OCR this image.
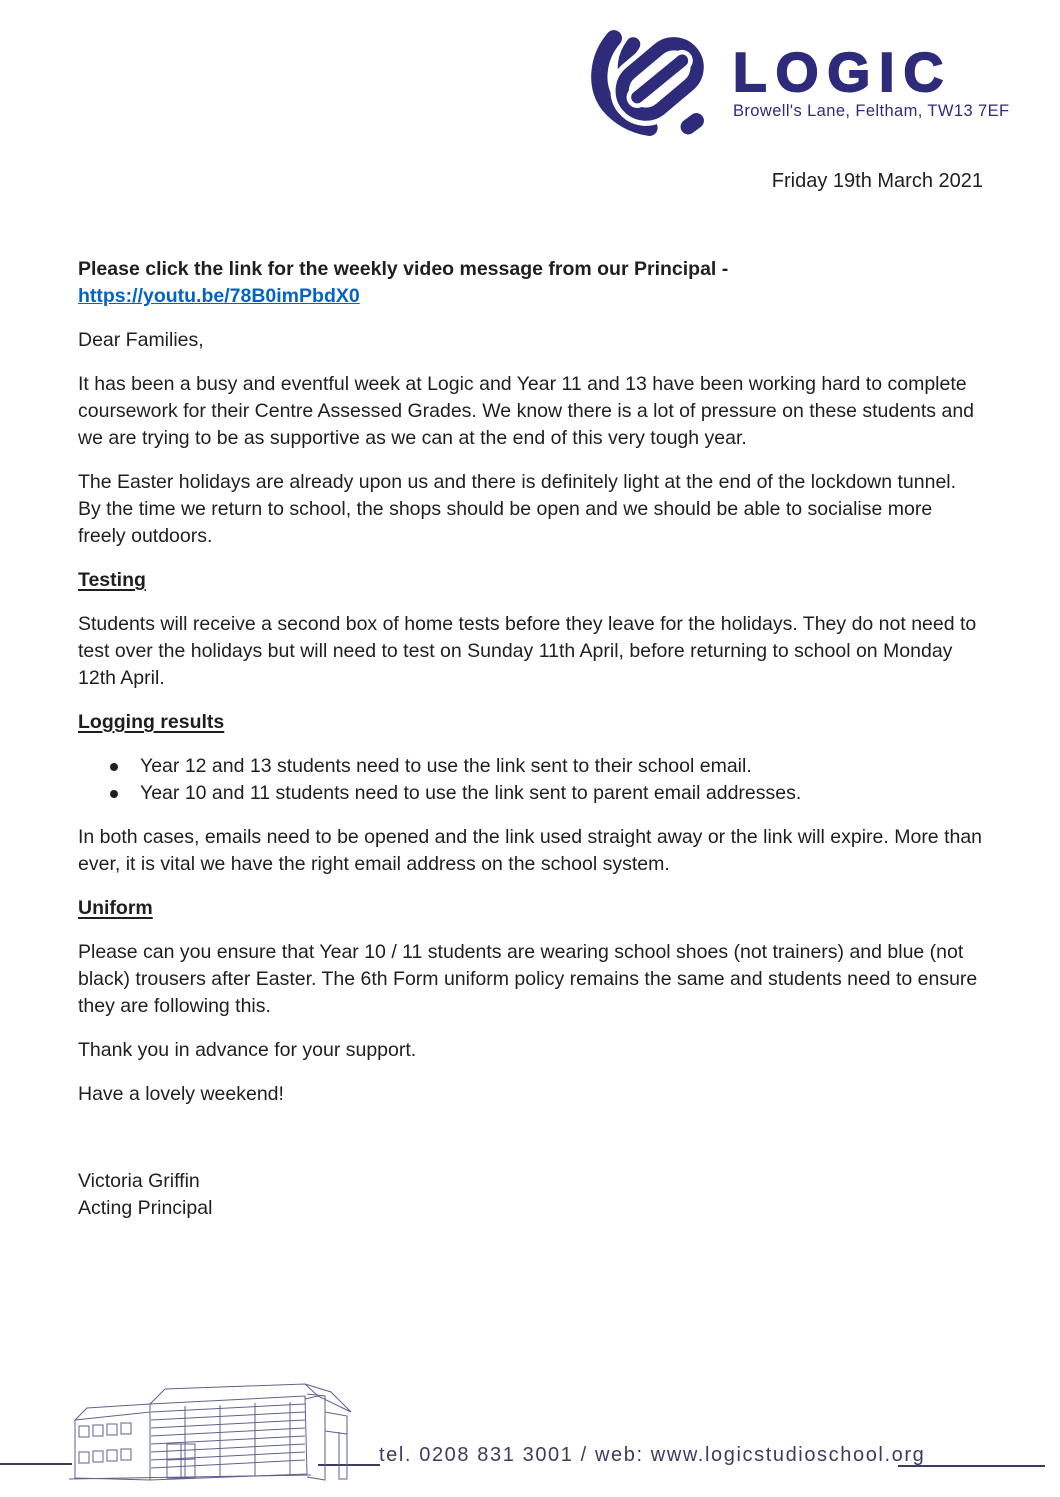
LOGIC
Browell's Lane, Feltham, TW13 7EF
Friday 19th March 2021

Please click the link for the weekly video message from our Principal - https://youtu.be/78B0imPbdX0

Dear Families,

It has been a busy and eventful week at Logic and Year 11 and 13 have been working hard to complete coursework for their Centre Assessed Grades. We know there is a lot of pressure on these students and we are trying to be as supportive as we can at the end of this very tough year.

The Easter holidays are already upon us and there is definitely light at the end of the lockdown tunnel. By the time we return to school, the shops should be open and we should be able to socialise more freely outdoors.

Testing

Students will receive a second box of home tests before they leave for the holidays. They do not need to test over the holidays but will need to test on Sunday 11th April, before returning to school on Monday 12th April.

Logging results

Year 12 and 13 students need to use the link sent to their school email.
Year 10 and 11 students need to use the link sent to parent email addresses.

In both cases, emails need to be opened and the link used straight away or the link will expire. More than ever, it is vital we have the right email address on the school system.

Uniform

Please can you ensure that Year 10 / 11 students are wearing school shoes (not trainers) and blue (not black) trousers after Easter. The 6th Form uniform policy remains the same and students need to ensure they are following this.

Thank you in advance for your support.

Have a lovely weekend!

Victoria Griffin

Acting Principal

tel. 0208 831 3001 / web: www.logicstudioschool.org
